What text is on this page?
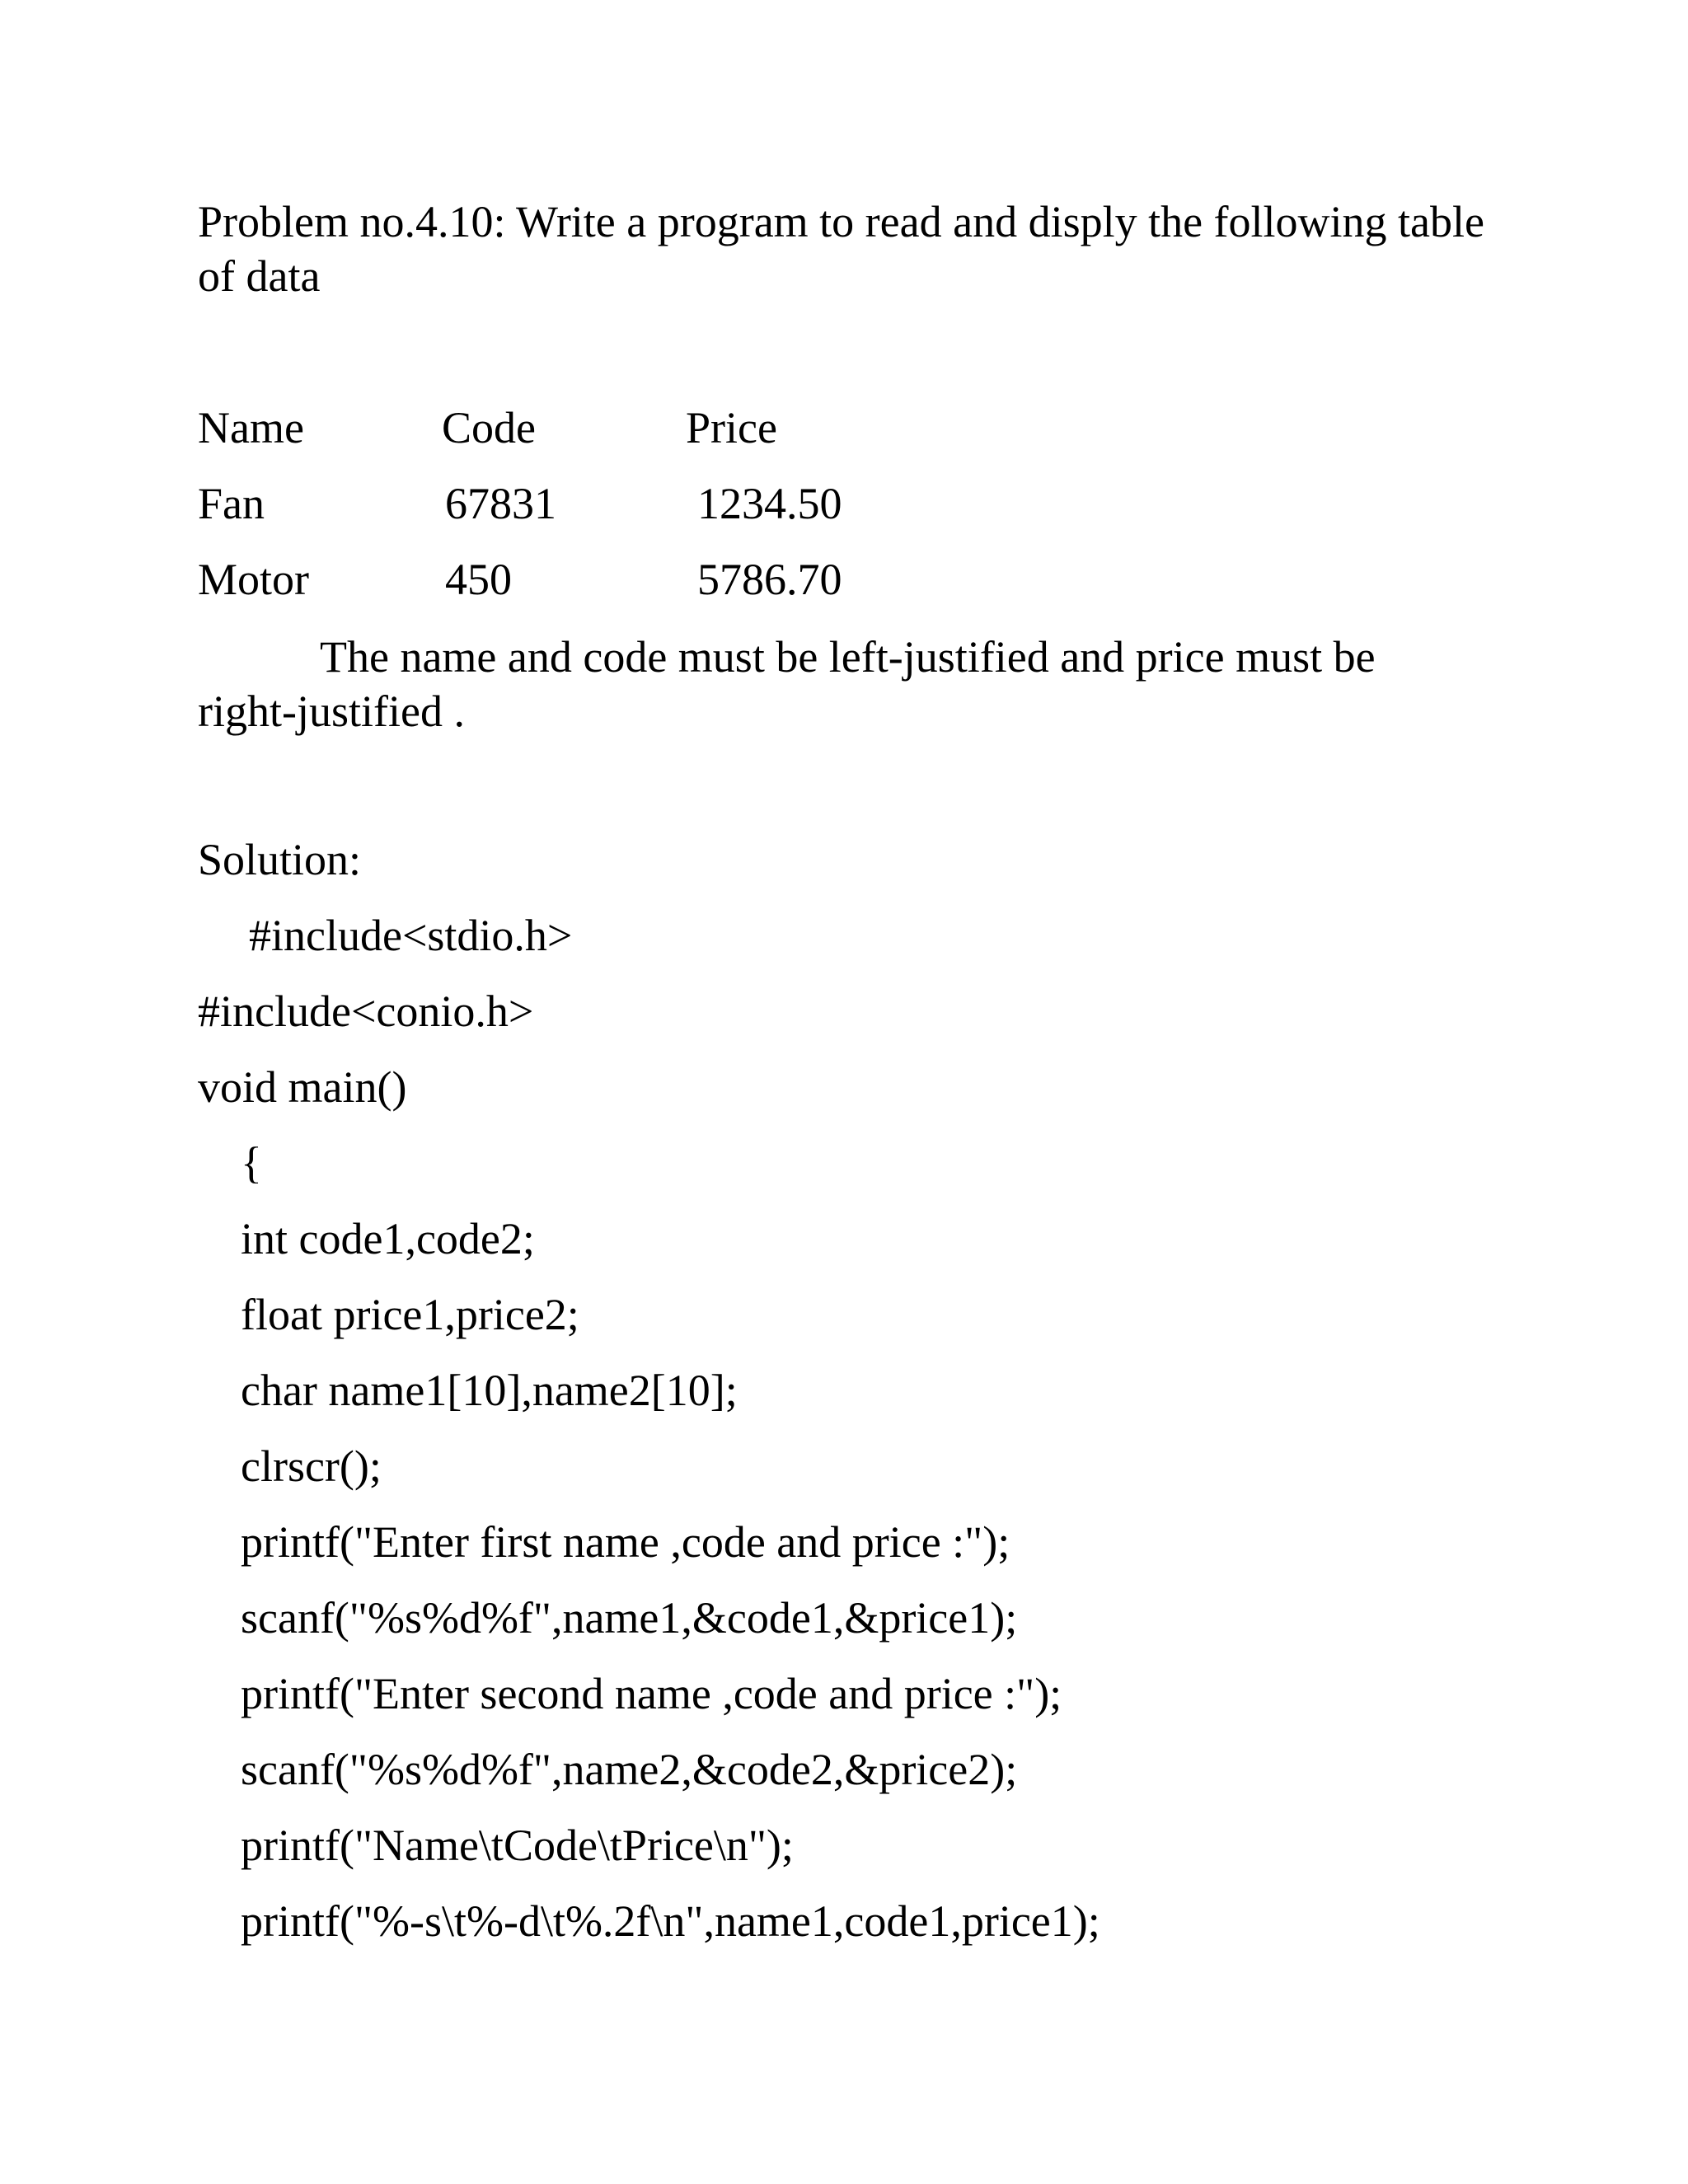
Problem no.4.10: Write a program to read and disply the following table of data

Name	Code	Price
Fan	67831	1234.50
Motor	450	5786.70

The name and code must be left-justified and price must be right-justified .

Solution:
#include<stdio.h>
#include<conio.h>
void main()
{
int code1,code2;
float price1,price2;
char name1[10],name2[10];
clrscr();
printf("Enter first name ,code and price :");
scanf("%s%d%f",name1,&code1,&price1);
printf("Enter second name ,code and price :");
scanf("%s%d%f",name2,&code2,&price2);
printf("Name\tCode\tPrice\n");
printf("%-s\t%-d\t%.2f\n",name1,code1,price1);
